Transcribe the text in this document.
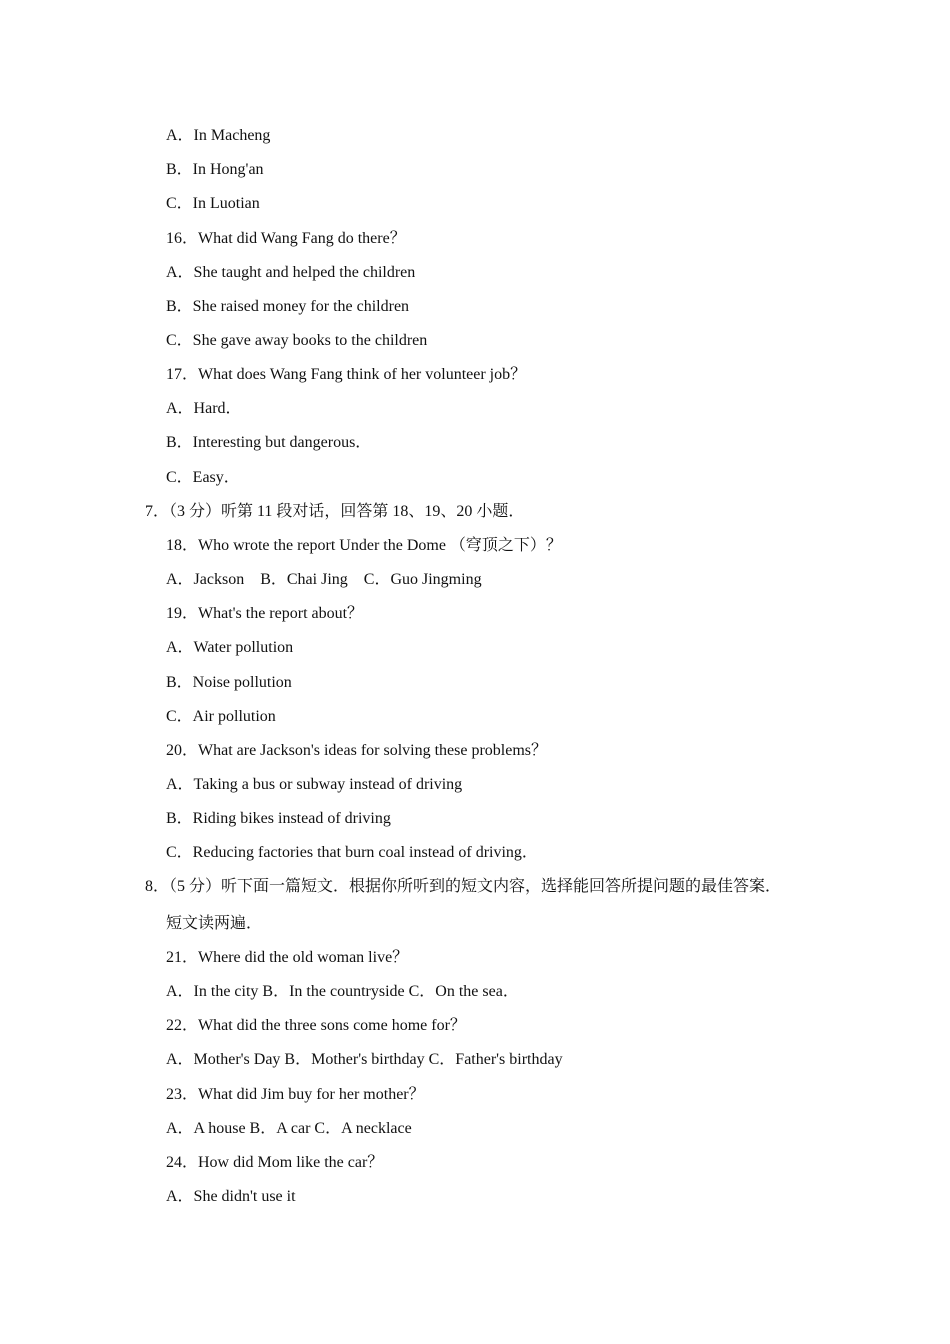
A．In Macheng
B．In Hong'an
C．In Luotian
16．What did Wang Fang do there？
A．She taught and helped the children
B．She raised money for the children
C．She gave away books to the children
17．What does Wang Fang think of her volunteer job？
A．Hard．
B．Interesting but dangerous．
C．Easy．
7．（3 分）听第 11 段对话，回答第 18、19、20 小题．
18．Who wrote the report Under the Dome （穹顶之下）？
A．Jackson　B．Chai Jing　C．Guo Jingming
19．What's the report about？
A．Water pollution
B．Noise pollution
C．Air pollution
20．What are Jackson's ideas for solving these problems？
A．Taking a bus or subway instead of driving
B．Riding bikes instead of driving
C．Reducing factories that burn coal instead of driving．
8．（5 分）听下面一篇短文．根据你所听到的短文内容，选择能回答所提问题的最佳答案．
短文读两遍．
21．Where did the old woman live？
A．In the city B．In the countryside C．On the sea．
22．What did the three sons come home for？
A．Mother's Day B．Mother's birthday C．Father's birthday
23．What did Jim buy for her mother？
A．A house B．A car C．A necklace
24．How did Mom like the car？
A．She didn't use it
